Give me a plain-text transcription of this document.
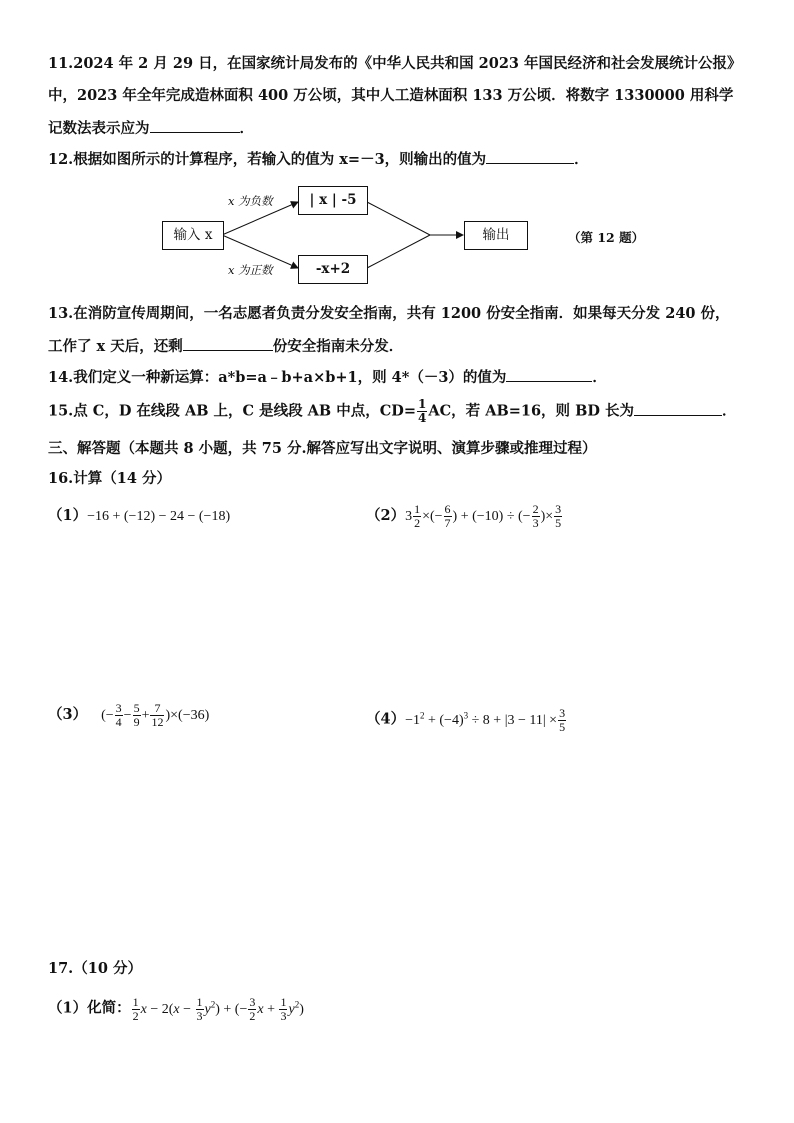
11.2024 年 2 月 29 日，在国家统计局发布的《中华人民共和国 2023 年国民经济和社会发展统计公报》
中，2023 年全年完成造林面积 400 万公顷，其中人工造林面积 133 万公顷．将数字 1330000 用科学
记数法表示应为	．
12.根据如图所示的计算程序，若输入的值为 x=－3，则输出的值为	．
输入 x
x 为负数
x 为正数
| x | -5
-x+2
输出	（第 12 题）
13.在消防宣传周期间，一名志愿者负责分发安全指南，共有 1200 份安全指南．如果每天分发 240 份，
工作了 x 天后，还剩	份安全指南未分发．
14.我们定义一种新运算：a*b=a﹣b+a×b+1，则 4*（－3）的值为	．
15.点 C，D 在线段 AB 上，C 是线段 AB 中点，$CD= \frac{1}{4}$ AC，若 AB=16，则 BD 长为	．
三、解答题（本题共 8 小题，共 75 分.解答应写出文字说明、演算步骤或推理过程）
16.计算（14 分）
（1）−16 + (−12) − 24 − (−18)	$(2)3 \frac{1}{2}$ ×(− $\frac{6}{7}$ ) + (−10) ÷ (− $\frac{2}{3}$ )× $\frac{3}{5}$
（3） (− $\frac{3}{4} - \frac{5}{9} + \frac{7}{12} )\times(-36)$	$(4)-1^2 + (-4)^3 \div 8 + |3 - 11| \times \frac{3}{5}$
17.（10 分）
（1）化简： $\frac{1}{2}$ $x - 2(x - \frac{1}{3} y^2)$ + (− $\frac{3}{2}$ $x + \frac{1}{3} y^2$)
